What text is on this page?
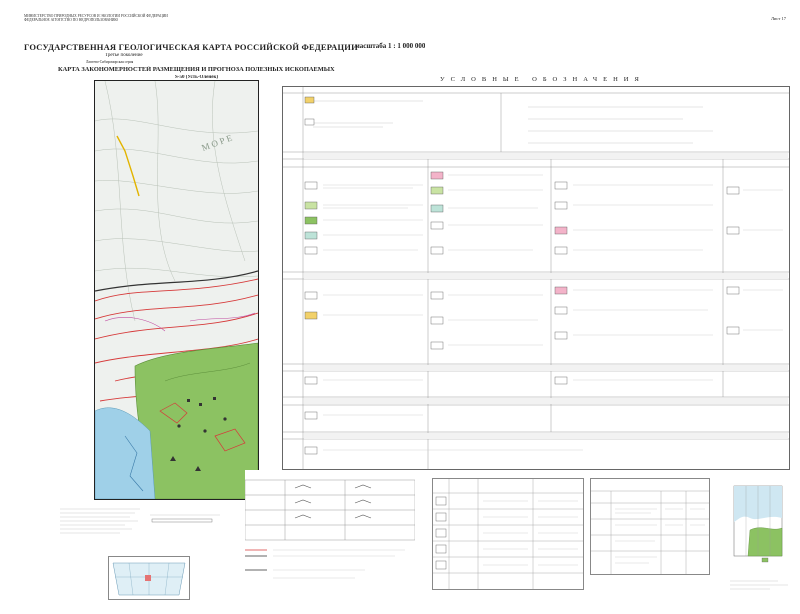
МИНИСТЕРСТВО ПРИРОДНЫХ РЕСУРСОВ И ЭКОЛОГИИ РОССИЙСКОЙ ФЕДЕРАЦИИ
ФЕДЕРАЛЬНОЕ АГЕНТСТВО ПО НЕДРОПОЛЬЗОВАНИЮ	Лист 17
ГОСУДАРСТВЕННАЯ ГЕОЛОГИЧЕСКАЯ КАРТА РОССИЙСКОЙ ФЕДЕРАЦИИ
масштаба 1 : 1 000 000
Третье поколение
Лаптево-Сибироморская серия
КАРТА ЗАКОНОМЕРНОСТЕЙ РАЗМЕЩЕНИЯ И ПРОГНОЗА ПОЛЕЗНЫХ ИСКОПАЕМЫХ
S-50 (Усть-Оленёк)
М О Р Е
УСЛОВНЫЕ ОБОЗНАЧЕНИЯ
